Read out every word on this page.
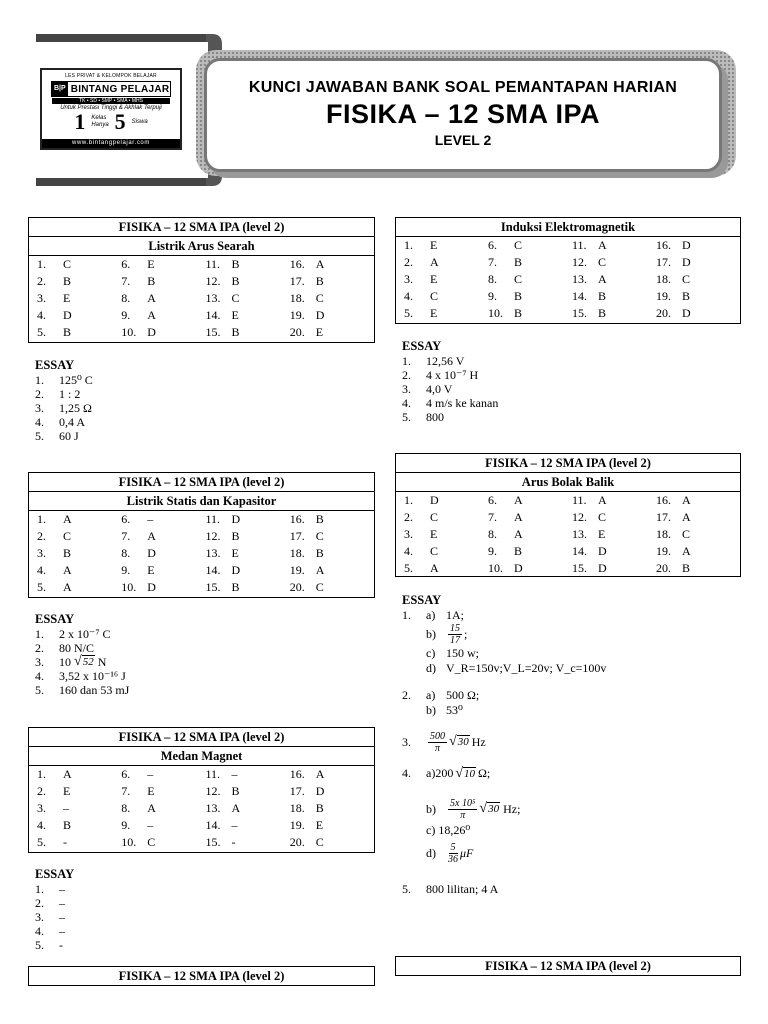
LES PRIVAT & KELOMPOK BELAJAR
B|P BINTANG PELAJAR
TK • SD • SMP • SMA • MHS
Untuk Prestasi Tinggi & Akhlak Terpuji
1 Kelas
Hanya 5 Siswa
www.bintangpelajar.com
KUNCI JAWABAN BANK SOAL PEMANTAPAN HARIAN
FISIKA – 12 SMA IPA
LEVEL 2
FISIKA – 12 SMA IPA (level 2)
Listrik Arus Searah
1.	C	6.	E	11. B	16. A
2.	B	7.	B	12. B	17. B
3.	E	8.	A	13. C	18. C
4.	D	9.	A	14. E	19. D
5.	B	10. D	15. B	20. E
ESSAY
1.	125⁰ C
2.	1 : 2
3.	1,25 Ω
4.	0,4 A
5.	60 J
FISIKA – 12 SMA IPA (level 2)
Listrik Statis dan Kapasitor
1.	A	6.	–	11. D	16. B
2.	C	7.	A	12. B	17. C
3.	B	8.	D	13. E	18. B
4.	A	9.	E	14. D	19. A
5.	A	10. D	15. B	20. C
ESSAY
1.	2 x 10⁻⁷ C
2.	80 N/C
3.	10 √ 52 N
4.	3,52 x 10⁻¹⁶ J
5.	160 dan 53 mJ
FISIKA – 12 SMA IPA (level 2)
Medan Magnet
1.	A	6.	–	11. –	16. A
2.	E	7.	E	12. B	17. D
3.	–	8.	A	13. A	18. B
4.	B	9.	–	14. –	19. E
5.	-	10. C	15. -	20. C
ESSAY
1.	–
2.	–
3.	–
4.	–
5.	-
FISIKA – 12 SMA IPA (level 2)
Induksi Elektromagnetik
1.	E	6.	C	11. A	16. D
2.	A	7.	B	12. C	17. D
3.	E	8.	C	13. A	18. C
4.	C	9.	B	14. B	19. B
5.	E	10. B	15. B	20. D
ESSAY
1.	12,56 V
2.	4 x 10⁻⁷ H
3.	4,0 V
4.	4 m/s ke kanan
5.	800
FISIKA – 12 SMA IPA (level 2)
Arus Bolak Balik
1.	D	6.	A	11. A	16. A
2.	C	7.	A	12. C	17. A
3.	E	8.	A	13. E	18. C
4.	C	9.	B	14. D	19. A
5.	A	10. D	15. D	20. B
ESSAY
1.	a) 1A;
b)	$\frac{15}{17}$ ;
c) 150 w;
d) V_R=150v;V_L=20v; V_c=100v
2.	a) 500 Ω;
b) 53⁰
3.	$\frac{500}{\pi}$ √ 30 Hz
4.	a)200 √ 10 Ω;
b)	$\frac{\text{5x 10⁵}}{\pi}$ √ 30 Hz;
c) 18,26⁰
d)	$\frac{5}{36}$ μF
5.	800 lilitan; 4 A
FISIKA – 12 SMA IPA (level 2)
